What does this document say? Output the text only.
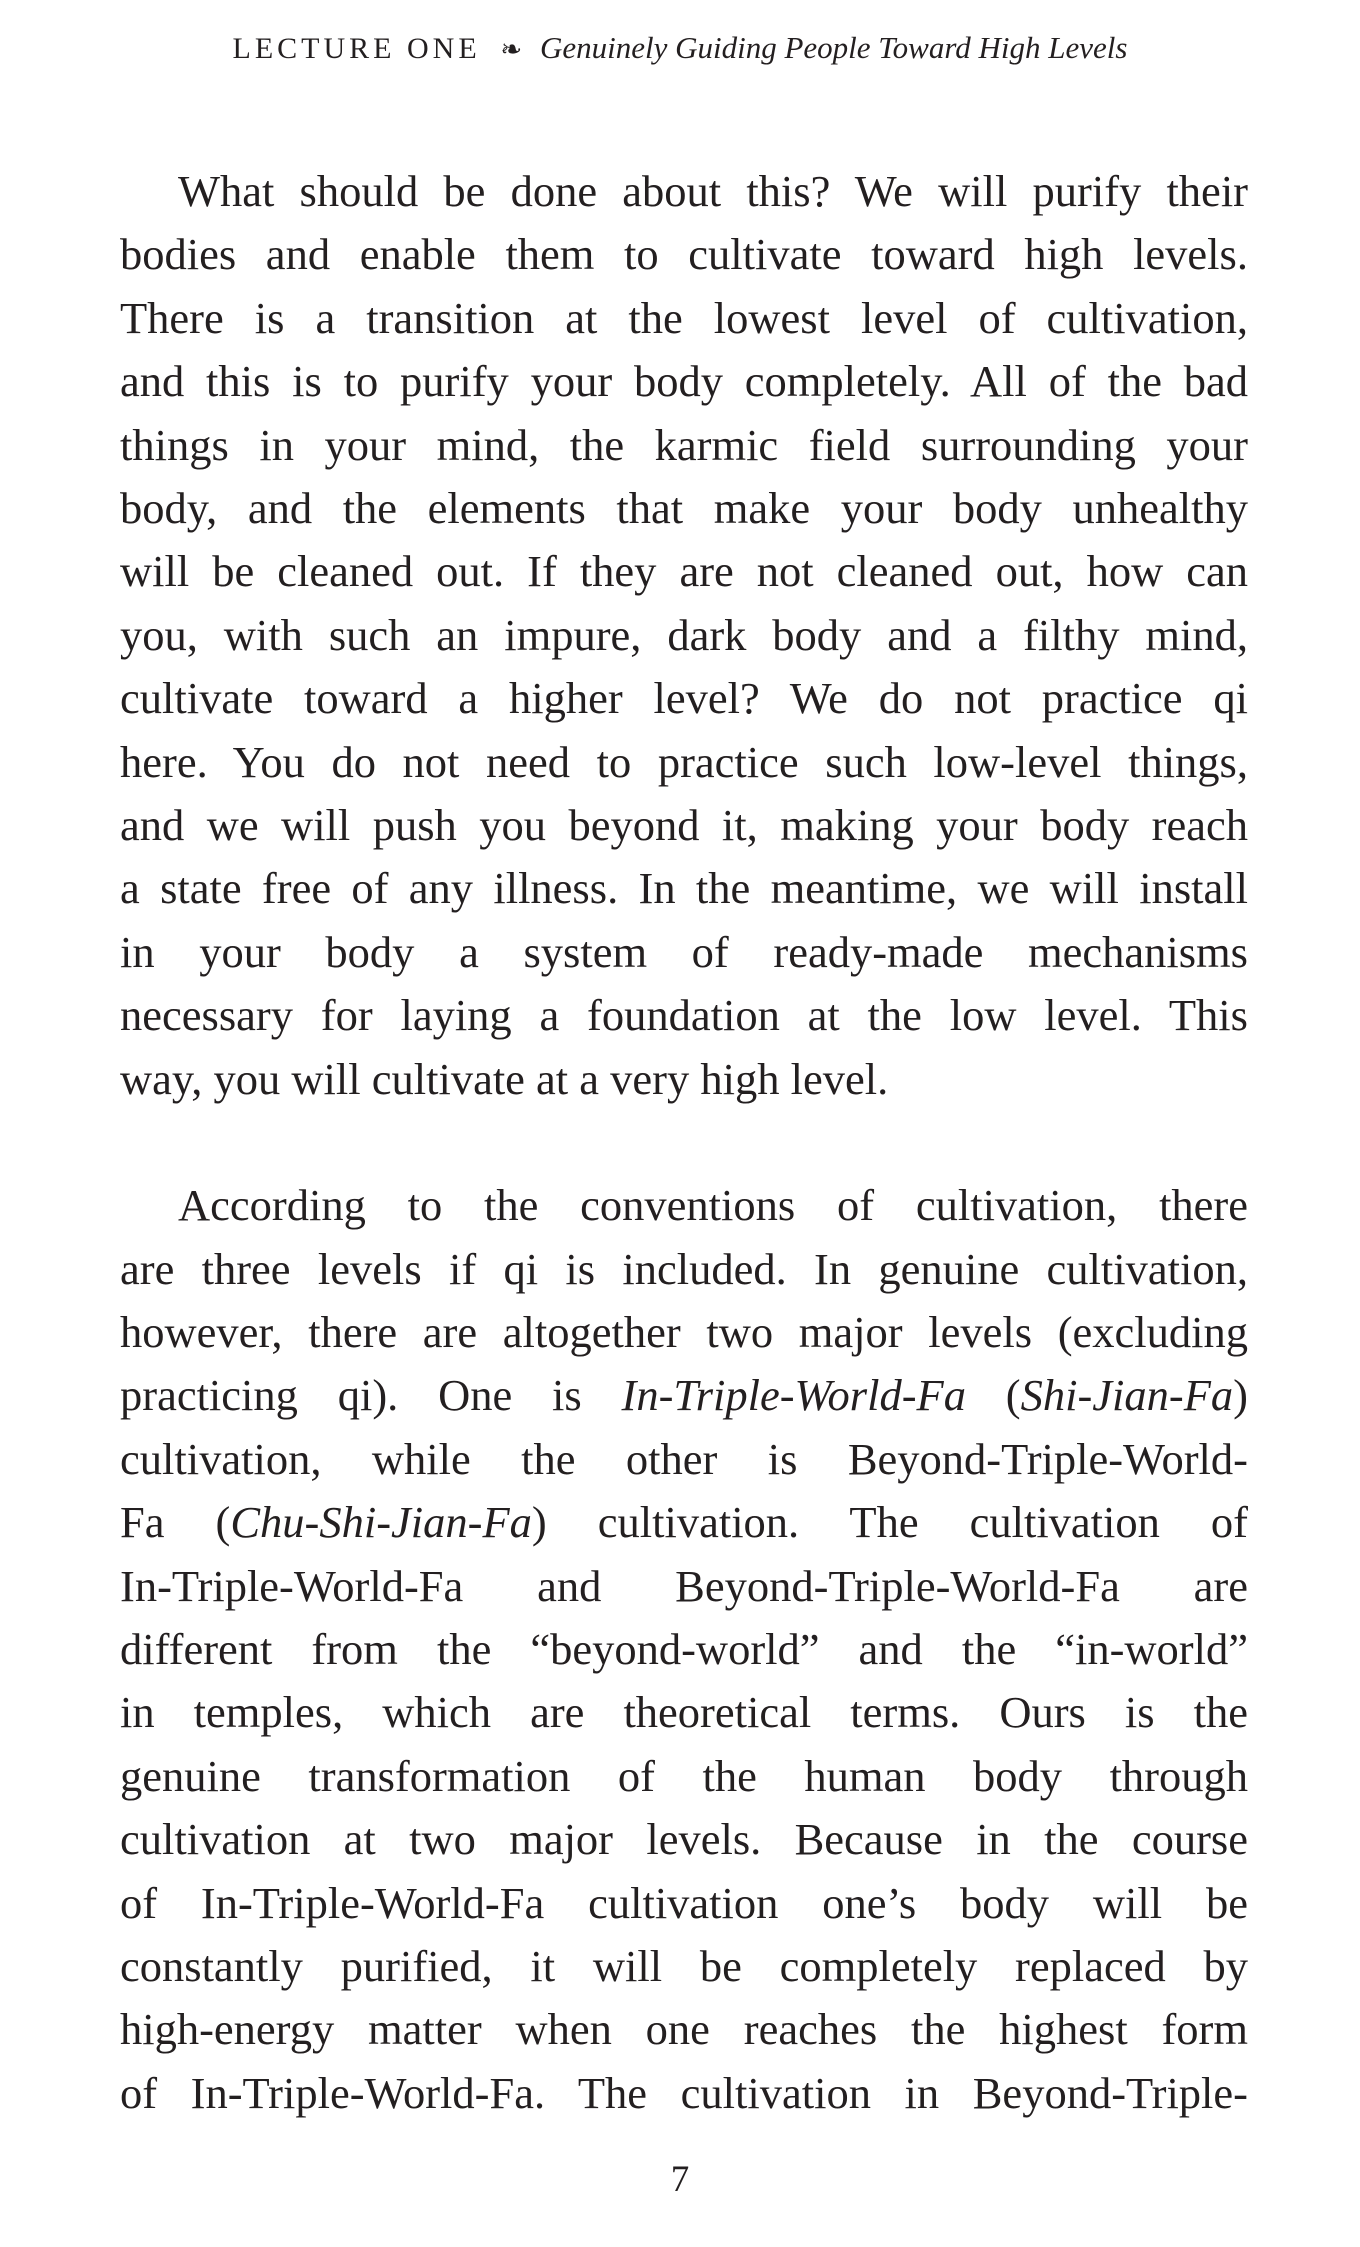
LECTURE ONE ❧ Genuinely Guiding People Toward High Levels

What should be done about this? We will purify their
bodies and enable them to cultivate toward high levels.
There is a transition at the lowest level of cultivation,
and this is to purify your body completely. All of the bad
things in your mind, the karmic field surrounding your
body, and the elements that make your body unhealthy
will be cleaned out. If they are not cleaned out, how can
you, with such an impure, dark body and a filthy mind,
cultivate toward a higher level? We do not practice qi
here. You do not need to practice such low-level things,
and we will push you beyond it, making your body reach
a state free of any illness. In the meantime, we will install
in your body a system of ready-made mechanisms
necessary for laying a foundation at the low level. This
way, you will cultivate at a very high level.

According to the conventions of cultivation, there
are three levels if qi is included. In genuine cultivation,
however, there are altogether two major levels (excluding
practicing qi). One is In-Triple-World-Fa (Shi-Jian-Fa)
cultivation, while the other is Beyond-Triple-World-
Fa (Chu-Shi-Jian-Fa) cultivation. The cultivation of
In-Triple-World-Fa and Beyond-Triple-World-Fa are
different from the “beyond-world” and the “in-world”
in temples, which are theoretical terms. Ours is the
genuine transformation of the human body through
cultivation at two major levels. Because in the course
of In-Triple-World-Fa cultivation one’s body will be
constantly purified, it will be completely replaced by
high-energy matter when one reaches the highest form
of In-Triple-World-Fa. The cultivation in Beyond-Triple-

7
